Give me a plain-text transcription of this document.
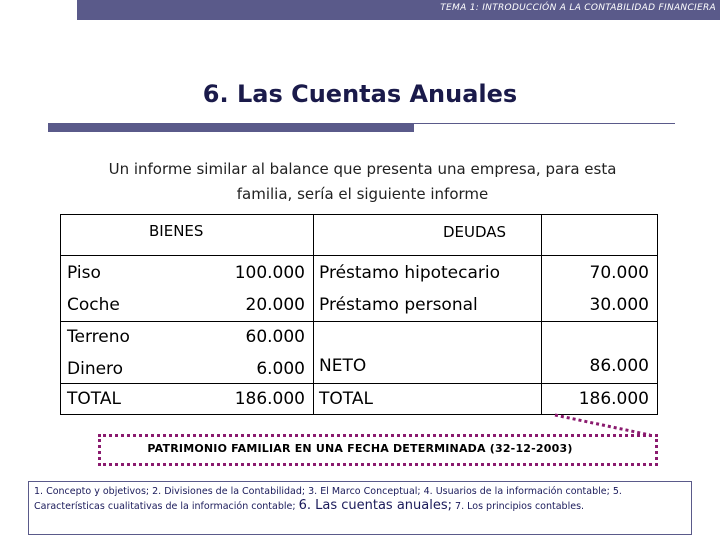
TEMA 1: INTRODUCCIÓN A LA CONTABILIDAD FINANCIERA
6. Las Cuentas Anuales
Un informe similar al balance que presenta una empresa, para esta
familia, sería el siguiente informe
BIENES	DEUDAS
Piso
Coche
Terreno
Dinero
TOTAL
100.000
20.000
60.000
6.000
186.000
Préstamo hipotecario
Préstamo personal
NETO
TOTAL
70.000
30.000
86.000
186.000
PATRIMONIO FAMILIAR EN UNA FECHA DETERMINADA (32-12-2003)
1. Concepto y objetivos; 2. Divisiones de la Contabilidad; 3. El Marco Conceptual; 4. Usuarios de la información contable; 5. Características cualitativas de la información contable; 6. Las cuentas anuales; 7. Los principios contables.
